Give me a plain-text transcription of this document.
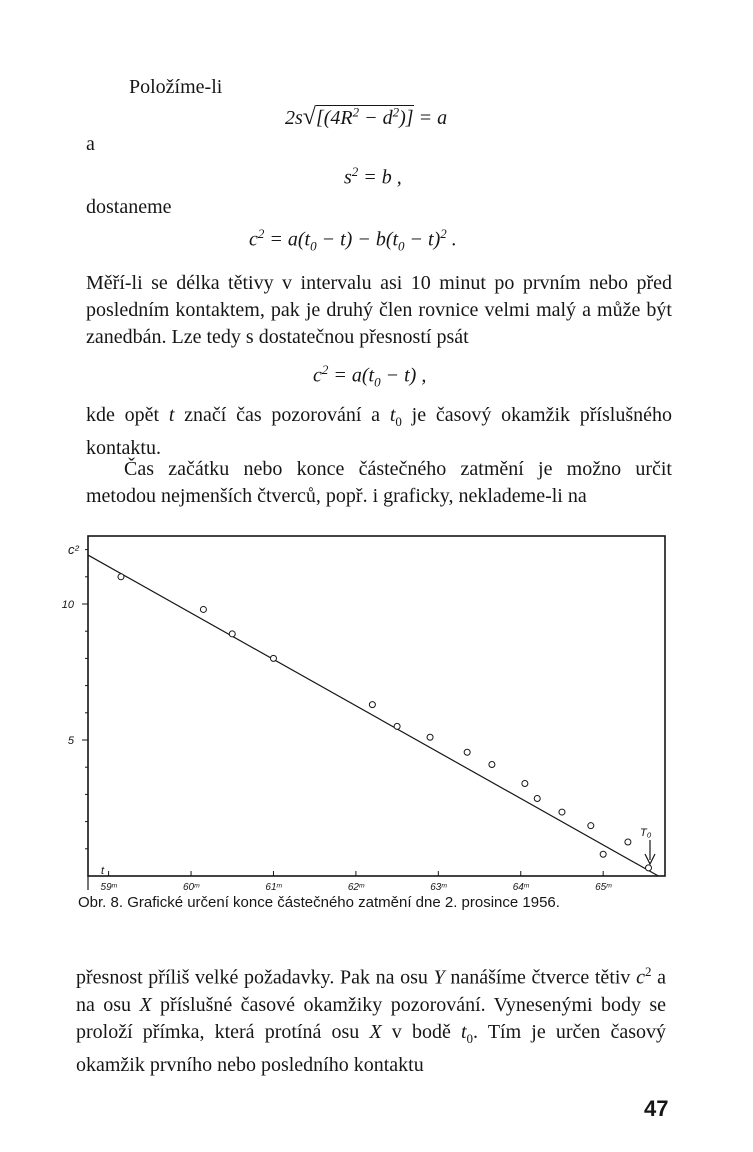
Položíme-li
$2s√[(4R^2 - d^2)] = a$
a
$s^2 = b$ ,
dostaneme
$c^2 = a(t_0 - t) - b(t_0 - t)^2$ .
Měří-li se délka tětivy v intervalu asi 10 minut po prvním nebo před posledním kontaktem, pak je druhý člen rovnice velmi malý a může být zanedbán. Lze tedy s dostatečnou přesností psát
$c^2 = a(t_0 - t)$ ,
kde opět t značí čas pozorování a $t_0$ je časový okamžik příslušného kontaktu.
Čas začátku nebo konce částečného zatmění je možno určit metodou nejmenších čtverců, popř. i graficky, neklademe-li na
5
10
59ᵐ	60ᵐ	61ᵐ	62ᵐ	63ᵐ	64ᵐ	65ᵐ
c²
t
T₀
Obr. 8. Grafické určení konce částečného zatmění dne 2. prosince 1956.
přesnost příliš velké požadavky. Pak na osu Y nanášíme čtverce tětiv $c^2$ a na osu X příslušné časové okamžiky pozorování. Vynesenými body se proloží přímka, která protíná osu X v bodě $t_0$. Tím je určen časový okamžik prvního nebo posledního kontaktu
47
